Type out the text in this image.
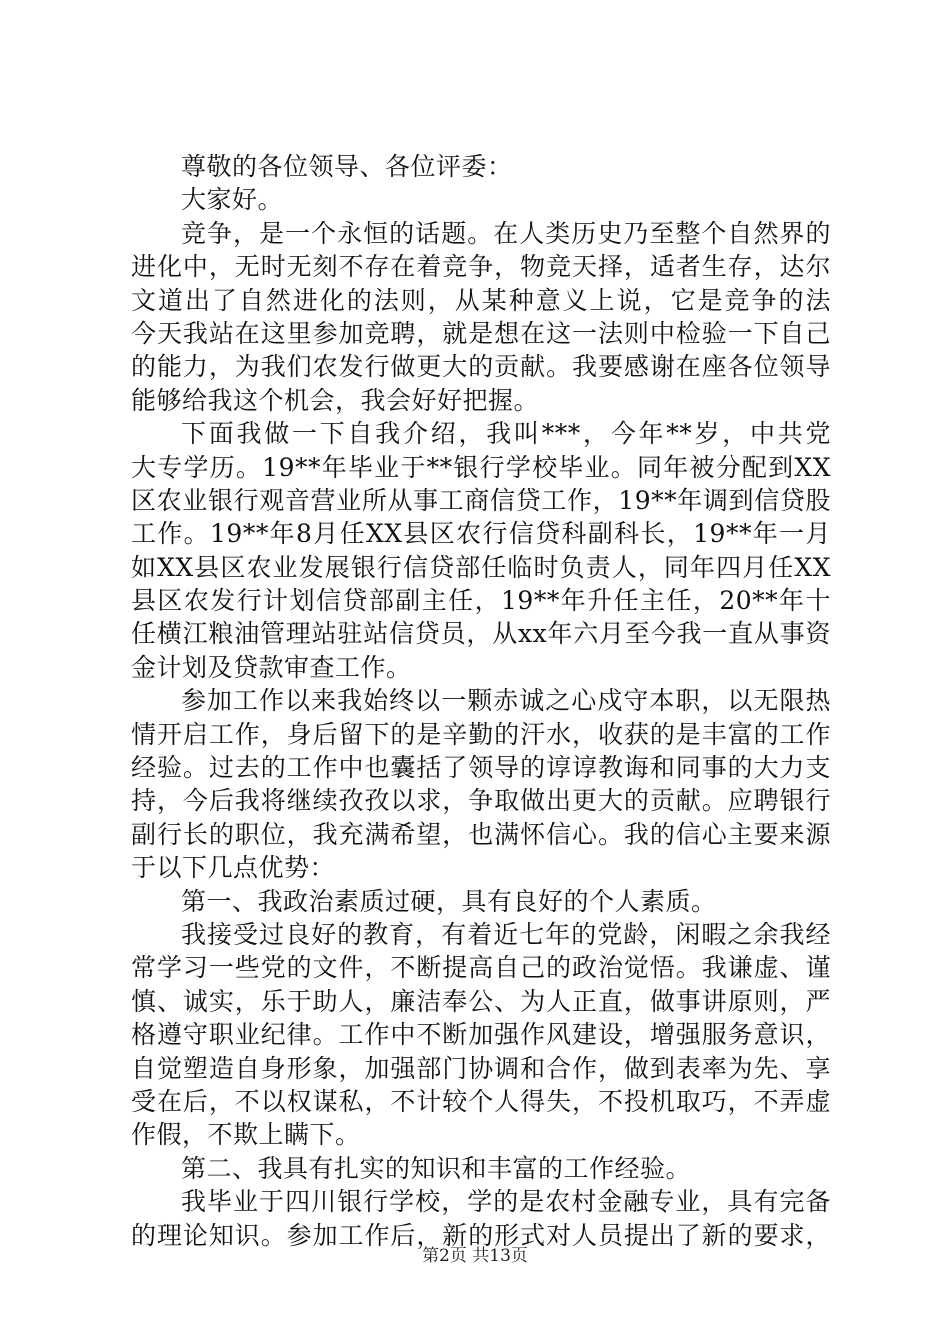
尊敬的各位领导、各位评委：
大家好。
竞争，是一个永恒的话题。在人类历史乃至整个自然界的
进化中，无时无刻不存在着竞争，物竞天择，适者生存，达尔
文道出了自然进化的法则，从某种意义上说，它是竞争的法
今天我站在这里参加竞聘，就是想在这一法则中检验一下自己
的能力，为我们农发行做更大的贡献。我要感谢在座各位领导
能够给我这个机会，我会好好把握。
下面我做一下自我介绍，我叫***，今年**岁，中共党
大专学历。19**年毕业于**银行学校毕业。同年被分配到XX
区农业银行观音营业所从事工商信贷工作，19**年调到信贷股
工作。19**年8月任XX县区农行信贷科副科长，19**年一月
如XX县区农业发展银行信贷部任临时负责人，同年四月任XX
县区农发行计划信贷部副主任，19**年升任主任，20**年十
任横江粮油管理站驻站信贷员，从xx年六月至今我一直从事资
金计划及贷款审查工作。
参加工作以来我始终以一颗赤诚之心戍守本职，以无限热
情开启工作，身后留下的是辛勤的汗水，收获的是丰富的工作
经验。过去的工作中也囊括了领导的谆谆教诲和同事的大力支
持，今后我将继续孜孜以求，争取做出更大的贡献。应聘银行
副行长的职位，我充满希望，也满怀信心。我的信心主要来源
于以下几点优势：
第一、我政治素质过硬，具有良好的个人素质。
我接受过良好的教育，有着近七年的党龄，闲暇之余我经
常学习一些党的文件，不断提高自己的政治觉悟。我谦虚、谨
慎、诚实，乐于助人，廉洁奉公、为人正直，做事讲原则，严
格遵守职业纪律。工作中不断加强作风建设，增强服务意识，
自觉塑造自身形象，加强部门协调和合作，做到表率为先、享
受在后，不以权谋私，不计较个人得失，不投机取巧，不弄虚
作假，不欺上瞒下。
第二、我具有扎实的知识和丰富的工作经验。
我毕业于四川银行学校，学的是农村金融专业，具有完备
的理论知识。参加工作后，新的形式对人员提出了新的要求，
第2页 共13页
